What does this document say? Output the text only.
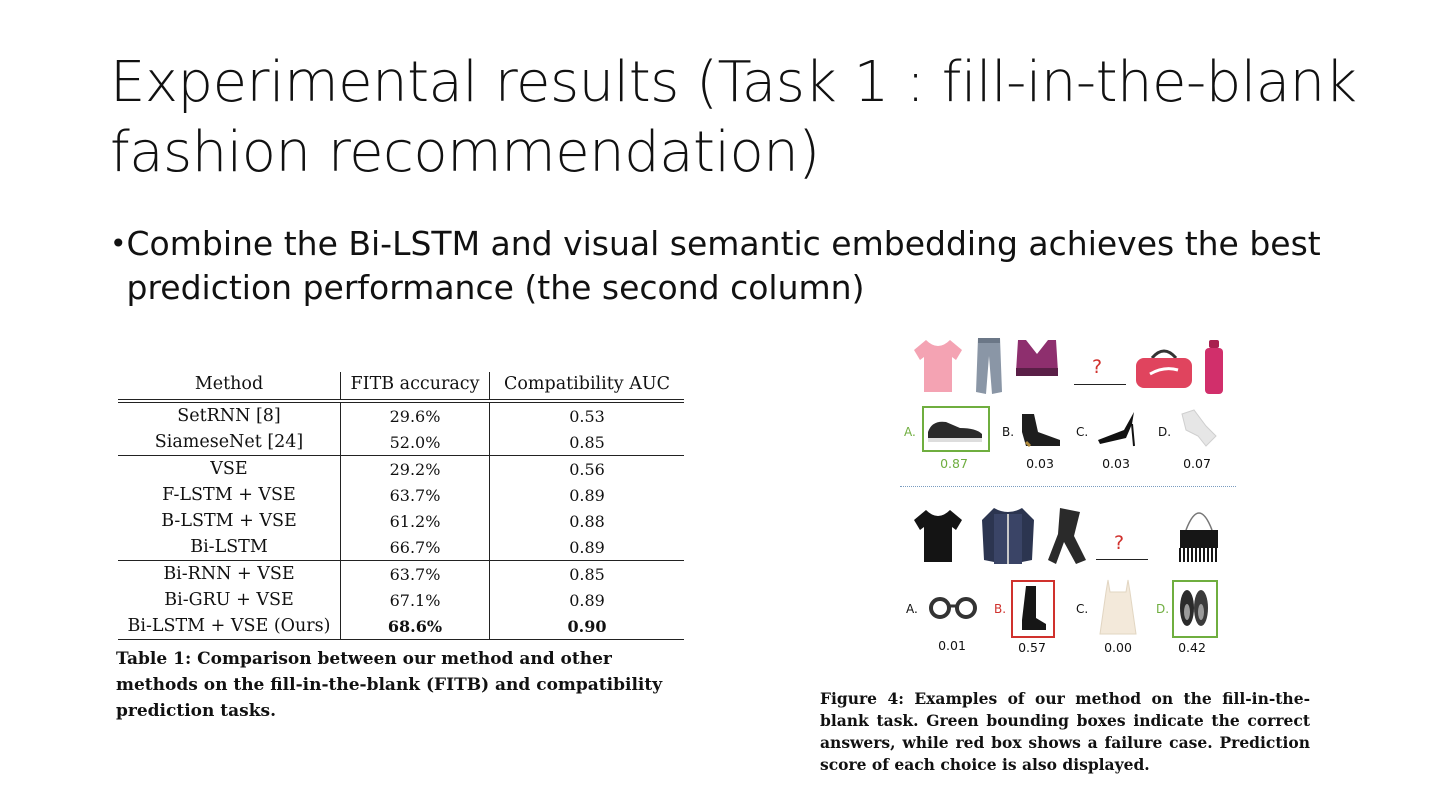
Experimental results (Task 1 : fill-in-the-blank fashion recommendation)
• Combine the Bi-LSTM and visual semantic embedding achieves the best prediction performance (the second column)
Method	FITB accuracy	Compatibility AUC
SetRNN [8]	29.6%	0.53
SiameseNet [24]	52.0%	0.85
VSE	29.2%	0.56
F-LSTM + VSE	63.7%	0.89
B-LSTM + VSE	61.2%	0.88
Bi-LSTM	66.7%	0.89
Bi-RNN + VSE	63.7%	0.85
Bi-GRU + VSE	67.1%	0.89
Bi-LSTM + VSE (Ours)	68.6%	0.90
Table 1: Comparison between our method and other methods on the fill-in-the-blank (FITB) and compatibility prediction tasks.
?
A.	B.	C.	D.
0.87	0.03	0.03	0.07
?
A.	B.	C.	D.
0.01	0.57	0.00	0.42
Figure 4: Examples of our method on the fill-in-the-blank task. Green bounding boxes indicate the correct answers, while red box shows a failure case. Prediction score of each choice is also displayed.
